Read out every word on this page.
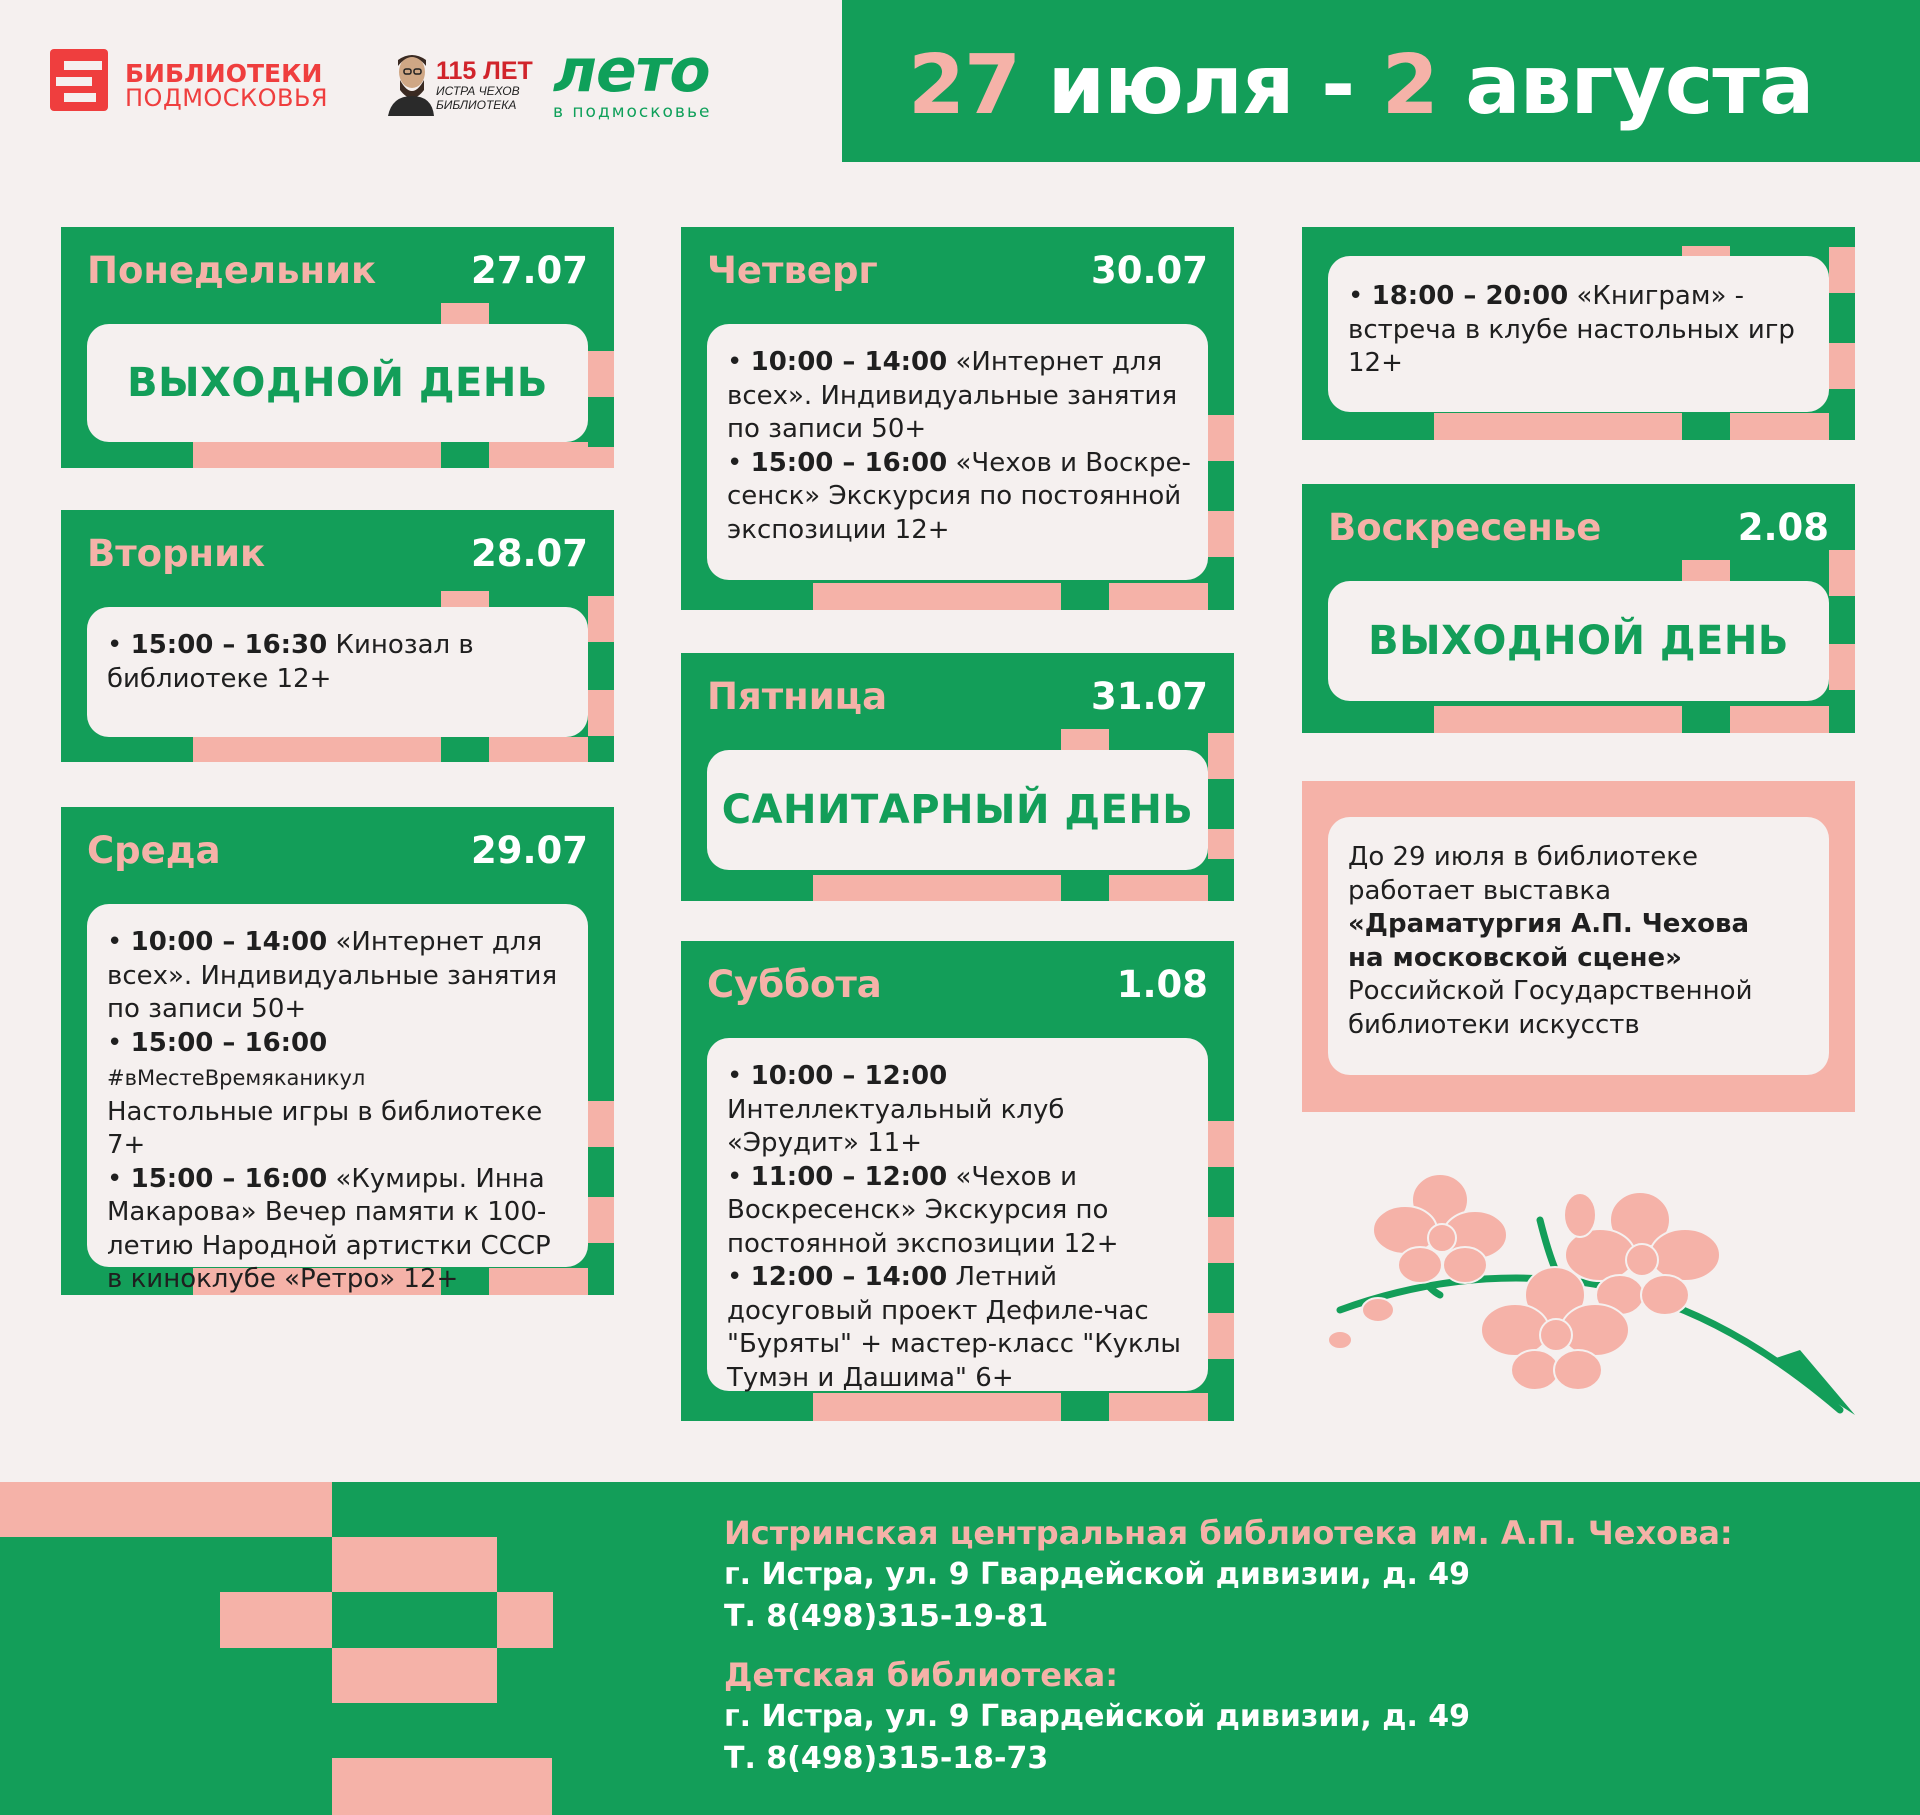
БИБЛИОТЕКИ
ПОДМОСКОВЬЯ
115 ЛЕТ
ИСТРА ЧЕХОВ
БИБЛИОТЕКА лето
в подмосковье 27 июля - 2 августа
Понедельник	27.07
ВЫХОДНОЙ ДЕНЬ
Вторник	28.07
• 15:00 – 16:30 Кинозал в библиотеке 12+
Среда	29.07
• 10:00 – 14:00 «Интернет для всех». Индивидуальные занятия по записи 50+
• 15:00 – 16:00 #вМестеВремяканикул
Настольные игры в библиотеке 7+
• 15:00 – 16:00 «Кумиры. Инна Макарова» Вечер памяти к 100-летию Народной артистки СССР в киноклубе «Ретро» 12+
Четверг	30.07
• 10:00 – 14:00 «Интернет для всех». Индивидуальные занятия по записи 50+
• 15:00 – 16:00 «Чехов и Воскре-сенск» Экскурсия по постоянной экспозиции 12+
Пятница	31.07
САНИТАРНЫЙ ДЕНЬ
Суббота	1.08
• 10:00 – 12:00 Интеллектуальный клуб «Эрудит» 11+
• 11:00 – 12:00 «Чехов и Воскресенск» Экскурсия по постоянной экспозиции 12+
• 12:00 – 14:00 Летний досуговый проект Дефиле-час "Буряты" + мастер-класс "Куклы Тумэн и Дашима" 6+
• 18:00 – 20:00 «Книграм» - встреча в клубе настольных игр 12+
Воскресенье	2.08
ВЫХОДНОЙ ДЕНЬ
До 29 июля в библиотеке
работает выставка
«Драматургия А.П. Чехова
на московской сцене»
Российской Государственной
библиотеки искусств
Истринская центральная библиотека им. А.П. Чехова:
г. Истра, ул. 9 Гвардейской дивизии, д. 49
Т. 8(498)315-19-81
Детская библиотека:
г. Истра, ул. 9 Гвардейской дивизии, д. 49
Т. 8(498)315-18-73
